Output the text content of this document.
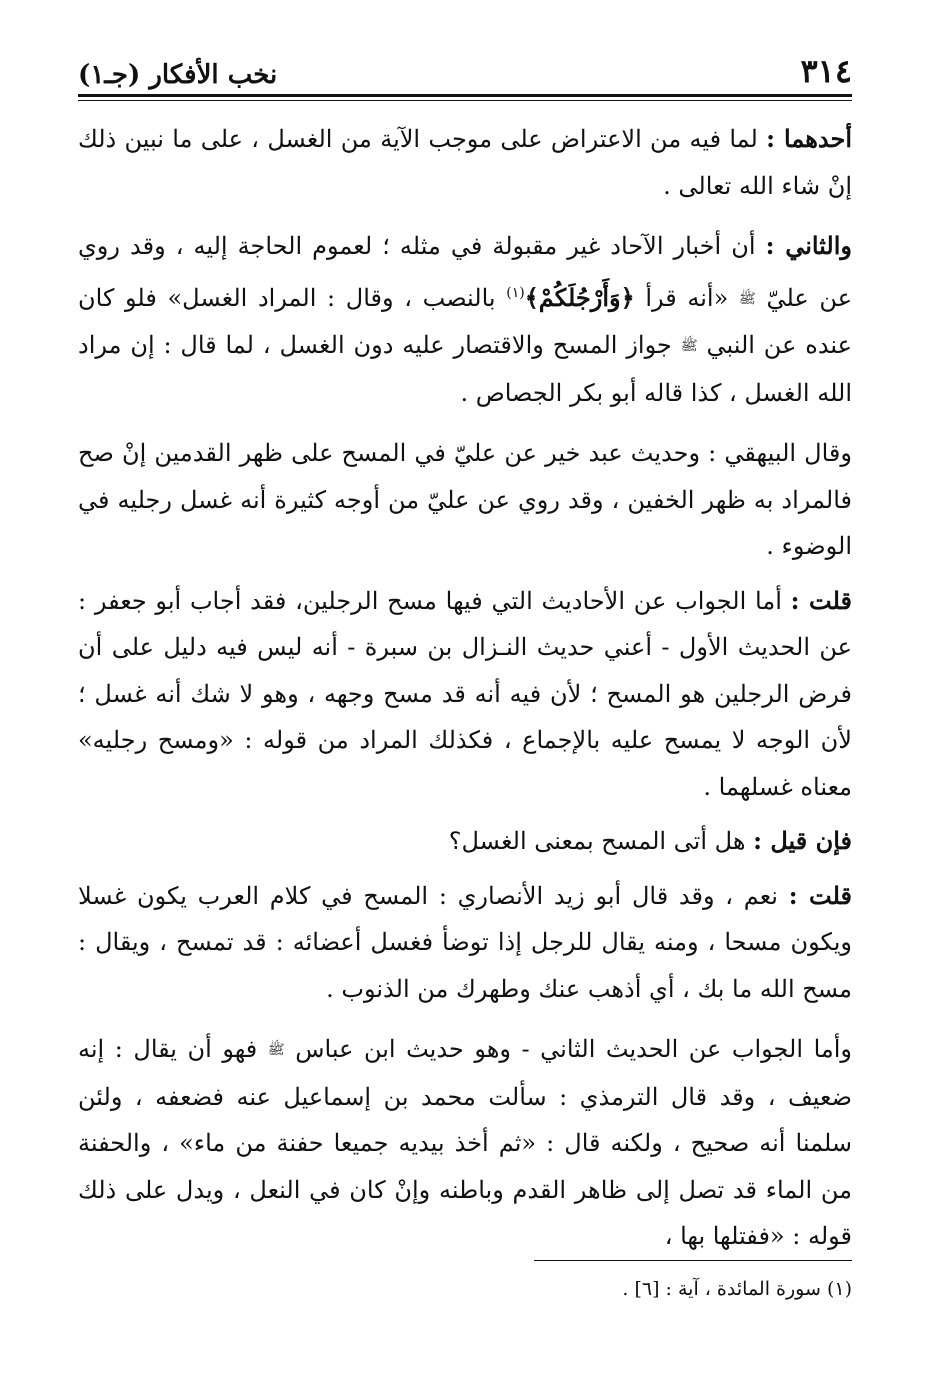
٣١٤
نخب الأفكار (جـ١)

أحدهما : لما فيه من الاعتراض على موجب الآية من الغسل ، على ما نبين ذلك إنْ شاء الله تعالى .

والثاني : أن أخبار الآحاد غير مقبولة في مثله ؛ لعموم الحاجة إليه ، وقد روي عن عليّ ﷺ «أنه قرأ ﴿وَأَرْجُلَكُمْ﴾$^{(١)}$ بالنصب ، وقال : المراد الغسل» فلو كان عنده عن النبي ﷺ جواز المسح والاقتصار عليه دون الغسل ، لما قال : إن مراد الله الغسل ، كذا قاله أبو بكر الجصاص .

وقال البيهقي : وحديث عبد خير عن عليّ في المسح على ظهر القدمين إنْ صح فالمراد به ظهر الخفين ، وقد روي عن عليّ من أوجه كثيرة أنه غسل رجليه في الوضوء .

قلت : أما الجواب عن الأحاديث التي فيها مسح الرجلين، فقد أجاب أبو جعفر : عن الحديث الأول - أعني حديث النـزال بن سبرة - أنه ليس فيه دليل على أن فرض الرجلين هو المسح ؛ لأن فيه أنه قد مسح وجهه ، وهو لا شك أنه غسل ؛ لأن الوجه لا يمسح عليه بالإجماع ، فكذلك المراد من قوله : «ومسح رجليه» معناه غسلهما .

فإن قيل : هل أتى المسح بمعنى الغسل؟

قلت : نعم ، وقد قال أبو زيد الأنصاري : المسح في كلام العرب يكون غسلا ويكون مسحا ، ومنه يقال للرجل إذا توضأ فغسل أعضائه : قد تمسح ، ويقال : مسح الله ما بك ، أي أذهب عنك وطهرك من الذنوب .

وأما الجواب عن الحديث الثاني - وهو حديث ابن عباس ﷺ فهو أن يقال : إنه ضعيف ، وقد قال الترمذي : سألت محمد بن إسماعيل عنه فضعفه ، ولئن سلمنا أنه صحيح ، ولكنه قال : «ثم أخذ بيديه جميعا حفنة من ماء» ، والحفنة من الماء قد تصل إلى ظاهر القدم وباطنه وإنْ كان في النعل ، ويدل على ذلك قوله : «ففتلها بها ،

(١) سورة المائدة ، آية : [٦] .
